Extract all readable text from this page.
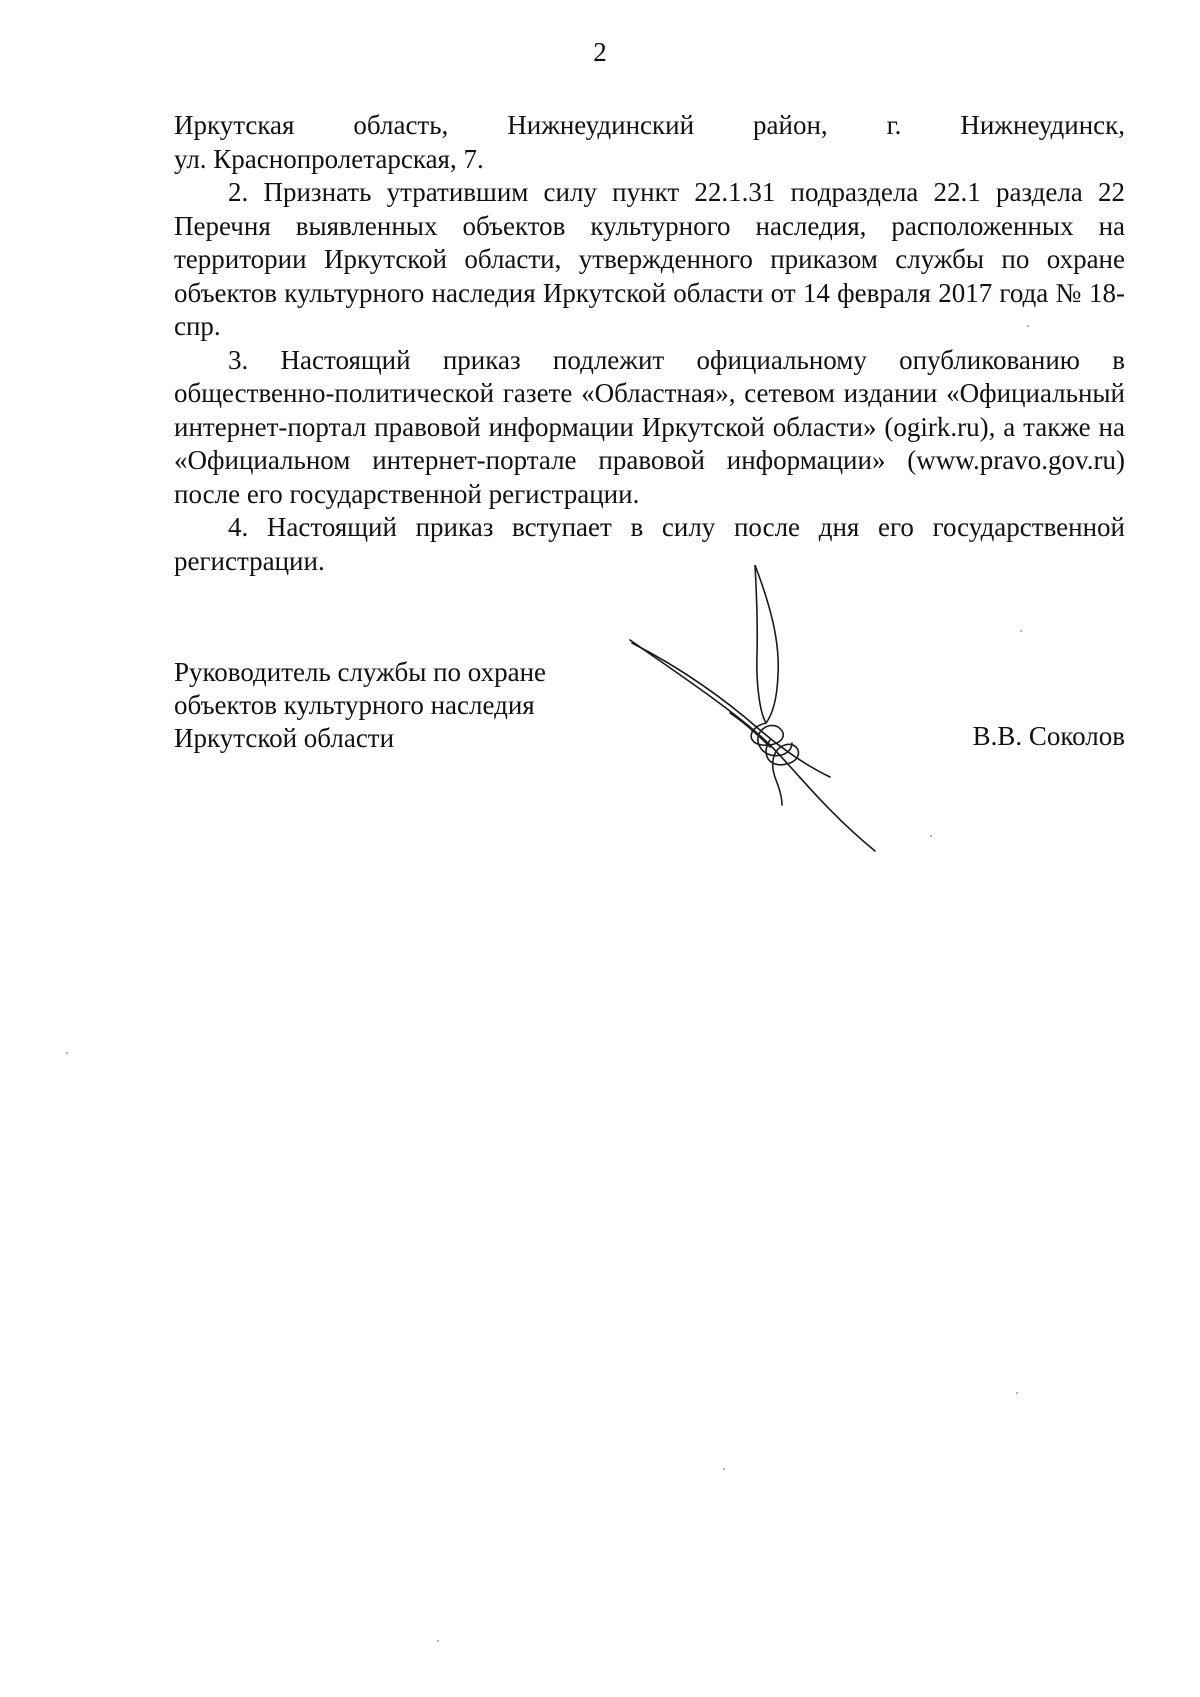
2

Иркутская область, Нижнеудинский район, г. Нижнеудинск,

ул. Краснопролетарская, 7.

2. Признать утратившим силу пункт 22.1.31 подраздела 22.1 раздела 22 Перечня выявленных объектов культурного наследия, расположенных на территории Иркутской области, утвержденного приказом службы по охране объектов культурного наследия Иркутской области от 14 февраля 2017 года № 18-спр.

3. Настоящий приказ подлежит официальному опубликованию в общественно-политической газете «Областная», сетевом издании «Официальный интернет-портал правовой информации Иркутской области» (ogirk.ru), а также на «Официальном интернет-портале правовой информации» (www.pravo.gov.ru) после его государственной регистрации.

4. Настоящий приказ вступает в силу после дня его государственной регистрации.

Руководитель службы по охране
объектов культурного наследия
Иркутской области	В.В. Соколов
